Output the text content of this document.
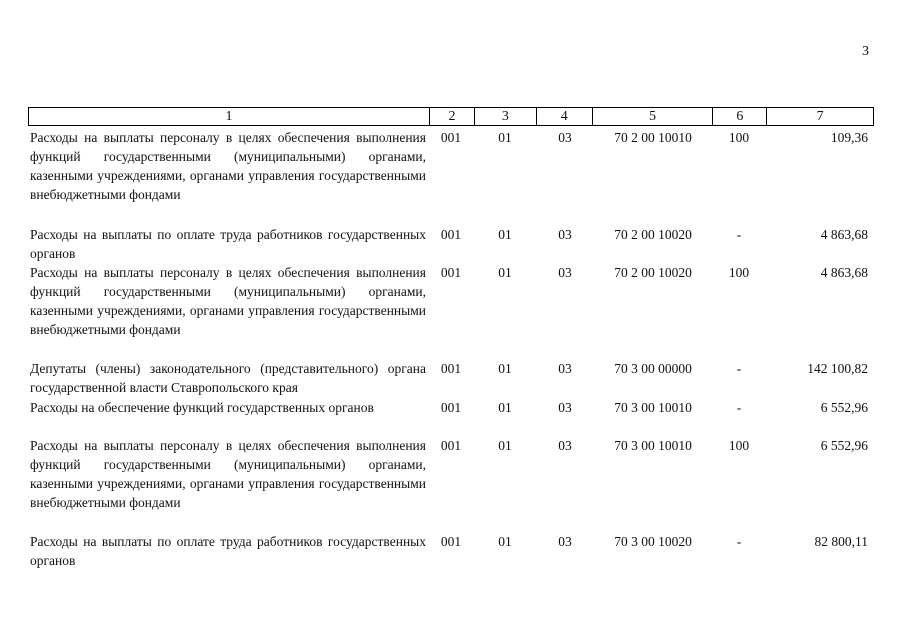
3
1	2	3	4	5	6	7
Расходы на выплаты персоналу в целях обеспечения выполнения функций государственными (муниципальными) органами, казенными учреждениями, органами управления государственными внебюджетными фондами
001	01	03	70 2 00 10010	100	109,36
Расходы на выплаты по оплате труда работников государственных органов
001	01	03	70 2 00 10020	-	4 863,68
Расходы на выплаты персоналу в целях обеспечения выполнения функций государственными (муниципальными) органами, казенными учреждениями, органами управления государственными внебюджетными фондами
001	01	03	70 2 00 10020	100	4 863,68
Депутаты (члены) законодательного (представительного) органа государственной власти Ставропольского края
001	01	03	70 3 00 00000	-	142 100,82
Расходы на обеспечение функций государственных органов	001	01	03	70 3 00 10010	-	6 552,96
Расходы на выплаты персоналу в целях обеспечения выполнения функций государственными (муниципальными) органами, казенными учреждениями, органами управления государственными внебюджетными фондами
001	01	03	70 3 00 10010	100	6 552,96
Расходы на выплаты по оплате труда работников государственных органов
001	01	03	70 3 00 10020	-	82 800,11
